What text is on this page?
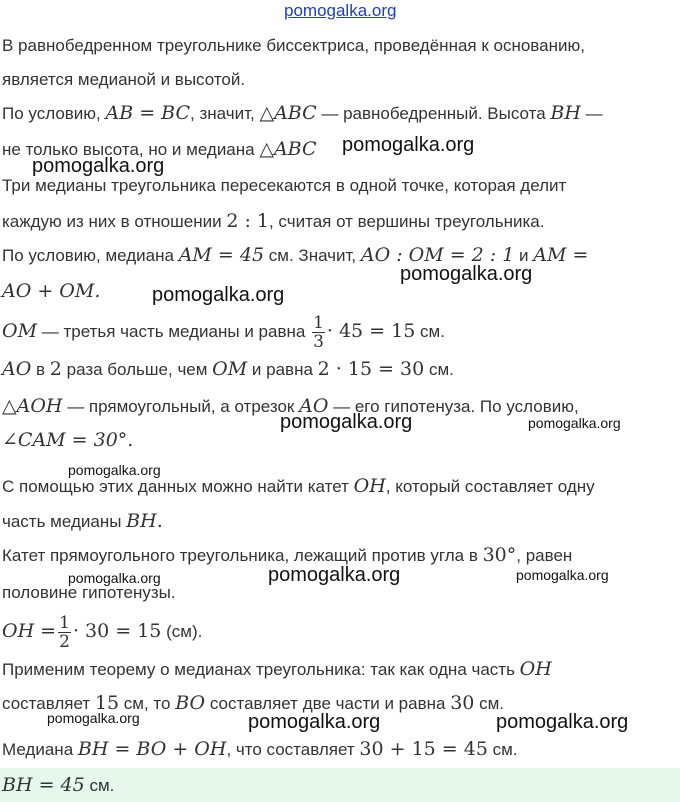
pomogalka.org
В равнобедренном треугольнике биссектриса, проведённая к основанию,
является медианой и высотой.
По условию, AB = BC, значит, △ABC — равнобедренный. Высота BH —
не только высота, но и медиана △ABC
Три медианы треугольника пересекаются в одной точке, которая делит
каждую из них в отношении 2 : 1, считая от вершины треугольника.
По условию, медиана AM = 45 см. Значит, AO : OM = 2 : 1 и AM =
AO + OM.
OM — третья часть медианы и равна $\frac{1}{3} \cdot 45 = 15$ см.
AO в 2 раза больше, чем OM и равна 2 · 15 = 30 см.
△AOH — прямоугольный, а отрезок AO — его гипотенуза. По условию,
∠CAM = 30°.
С помощью этих данных можно найти катет OH, который составляет одну
часть медианы BH.
Катет прямоугольного треугольника, лежащий против угла в 30°, равен
половине гипотенузы.
OH = $\frac{1}{2} \cdot 30 = 15$ (см).
Применим теорему о медианах треугольника: так как одна часть OH
составляет 15 см, то BO составляет две части и равна 30 см.
Медиана BH = BO + OH, что составляет 30 + 15 = 45 см.
BH = 45 см.
pomogalka.org
pomogalka.org
pomogalka.org
pomogalka.org
pomogalka.org	pomogalka.org
pomogalka.org
pomogalka.org
pomogalka.org	pomogalka.org
pomogalka.org	pomogalka.org	pomogalka.org
